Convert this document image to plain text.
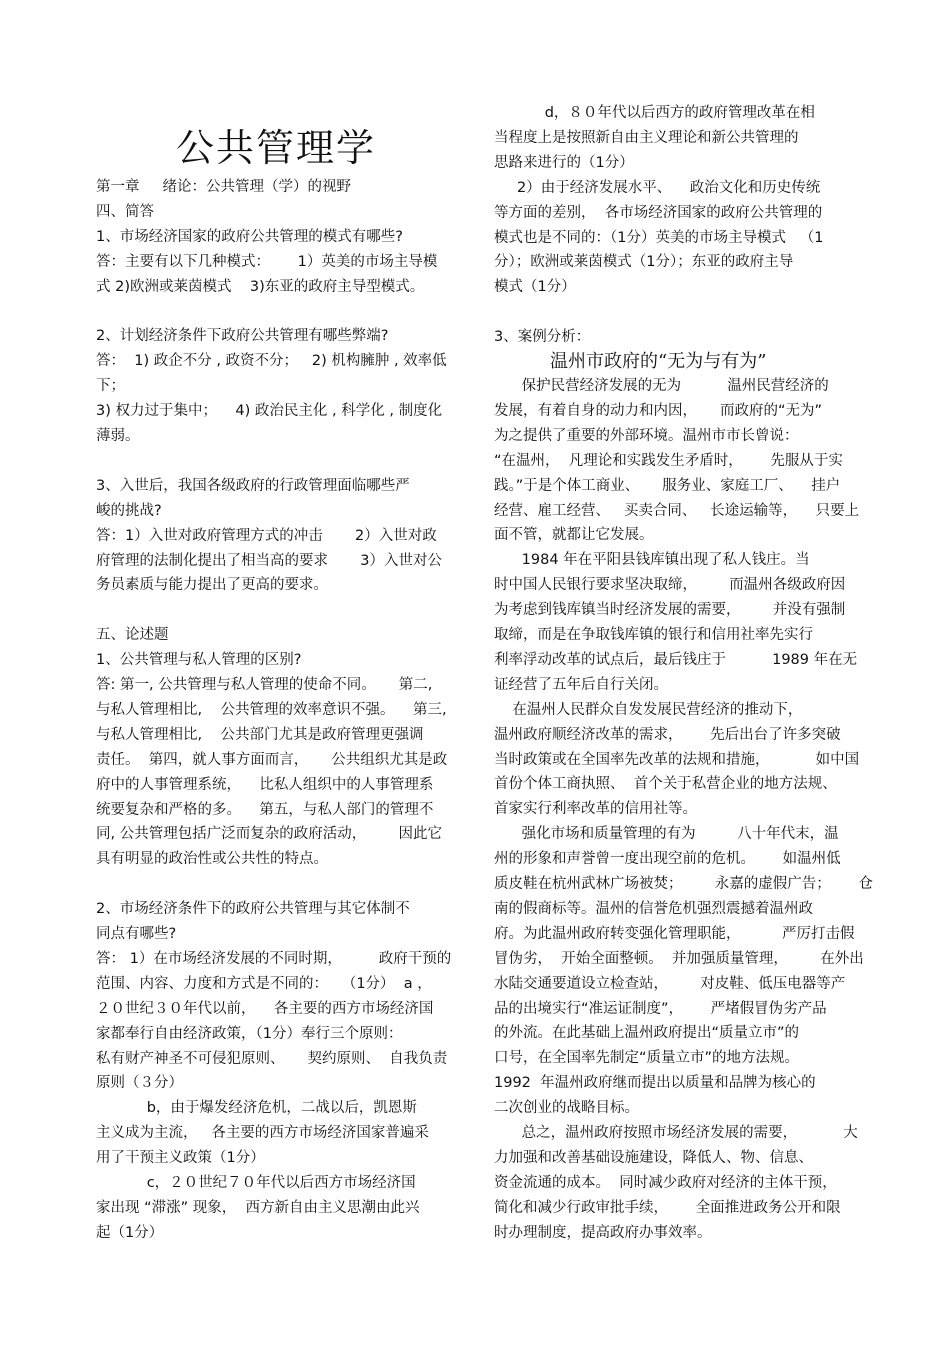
公共管理学
第一章     绪论：公共管理（学）的视野
四、简答
1、市场经济国家的政府公共管理的模式有哪些?
答：主要有以下几种模式：      1）英美的市场主导模
式 2)欧洲或莱茵模式    3)东亚的政府主导型模式。
2、计划经济条件下政府公共管理有哪些弊端?
答：  1) 政企不分 , 政资不分；   2) 机构臃肿 , 效率低
下；
3) 权力过于集中；    4) 政治民主化 , 科学化 , 制度化
薄弱。
3、入世后，我国各级政府的行政管理面临哪些严
峻的挑战?
答：1）入世对政府管理方式的冲击       2）入世对政
府管理的法制化提出了相当高的要求       3）入世对公
务员素质与能力提出了更高的要求。
五、论述题
1、公共管理与私人管理的区别?
答: 第一, 公共管理与私人管理的使命不同。     第二,
与私人管理相比,    公共管理的效率意识不强。    第三,
与私人管理相比,    公共部门尤其是政府管理更强调
责任。  第四，就人事方面而言，     公共组织尤其是政
府中的人事管理系统，    比私人组织中的人事管理系
统要复杂和严格的多。    第五，与私人部门的管理不
同, 公共管理包括广泛而复杂的政府活动，       因此它
具有明显的政治性或公共性的特点。
2、市场经济条件下的政府公共管理与其它体制不
同点有哪些?
答： 1）在市场经济发展的不同时期，        政府干预的
范围、内容、力度和方式是不同的：   （1分）  a ，
２０世纪３０年代以前，    各主要的西方市场经济国
家都奉行自由经济政策，（1分）奉行三个原则：
私有财产神圣不可侵犯原则、     契约原则、  自我负责
原则（３分）
b，由于爆发经济危机，二战以后，凯恩斯
主义成为主流，   各主要的西方市场经济国家普遍采
用了干预主义政策（1分）
c，２０世纪７０年代以后西方市场经济国
家出现 “滞涨” 现象，  西方新自由主义思潮由此兴
起（1分）
d，８０年代以后西方的政府管理改革在相
当程度上是按照新自由主义理论和新公共管理的
思路来进行的（1分）
2）由于经济发展水平、    政治文化和历史传统
等方面的差别，  各市场经济国家的政府公共管理的
模式也是不同的：（1分）英美的市场主导模式   （1
分）；欧洲或莱茵模式（1分）；东亚的政府主导
模式（1分）
3、案例分析：
温州市政府的“无为与有为”
保护民营经济发展的无为          温州民营经济的
发展，有着自身的动力和内因，     而政府的“无为”
为之提供了重要的外部环境。温州市市长曾说：
“在温州，  凡理论和实践发生矛盾时，      先服从于实
践。”于是个体工商业、     服务业、家庭工厂、    挂户
经营、雇工经营、   买卖合同、   长途运输等，    只要上
面不管，就都让它发展。
1984 年在平阳县钱库镇出现了私人钱庄。当
时中国人民银行要求坚决取缔，       而温州各级政府因
为考虑到钱库镇当时经济发展的需要，       并没有强制
取缔，而是在争取钱库镇的银行和信用社率先实行
利率浮动改革的试点后，最后钱庄于          1989 年在无
证经营了五年后自行关闭。
在温州人民群众自发发展民营经济的推动下，
温州政府顺经济改革的需求，      先后出台了许多突破
当时政策或在全国率先改革的法规和措施，          如中国
首份个体工商执照、  首个关于私营企业的地方法规、
首家实行利率改革的信用社等。
强化市场和质量管理的有为         八十年代末，温
州的形象和声誉曾一度出现空前的危机。      如温州低
质皮鞋在杭州武林广场被焚；       永嘉的虚假广告；      仓
南的假商标等。温州的信誉危机强烈震撼着温州政
府。为此温州政府转变强化管理职能，         严厉打击假
冒伪劣，  开始全面整顿。  并加强质量管理，       在外出
水陆交通要道设立检查站，       对皮鞋、低压电器等产
品的出境实行“准运证制度”，      严堵假冒伪劣产品
的外流。在此基础上温州政府提出“质量立市”的
口号，在全国率先制定“质量立市”的地方法规。
1992  年温州政府继而提出以质量和品牌为核心的
二次创业的战略目标。
总之，温州政府按照市场经济发展的需要，          大
力加强和改善基础设施建设，降低人、物、信息、
资金流通的成本。  同时减少政府对经济的主体干预，
简化和减少行政审批手续，      全面推进政务公开和限
时办理制度，提高政府办事效率。
